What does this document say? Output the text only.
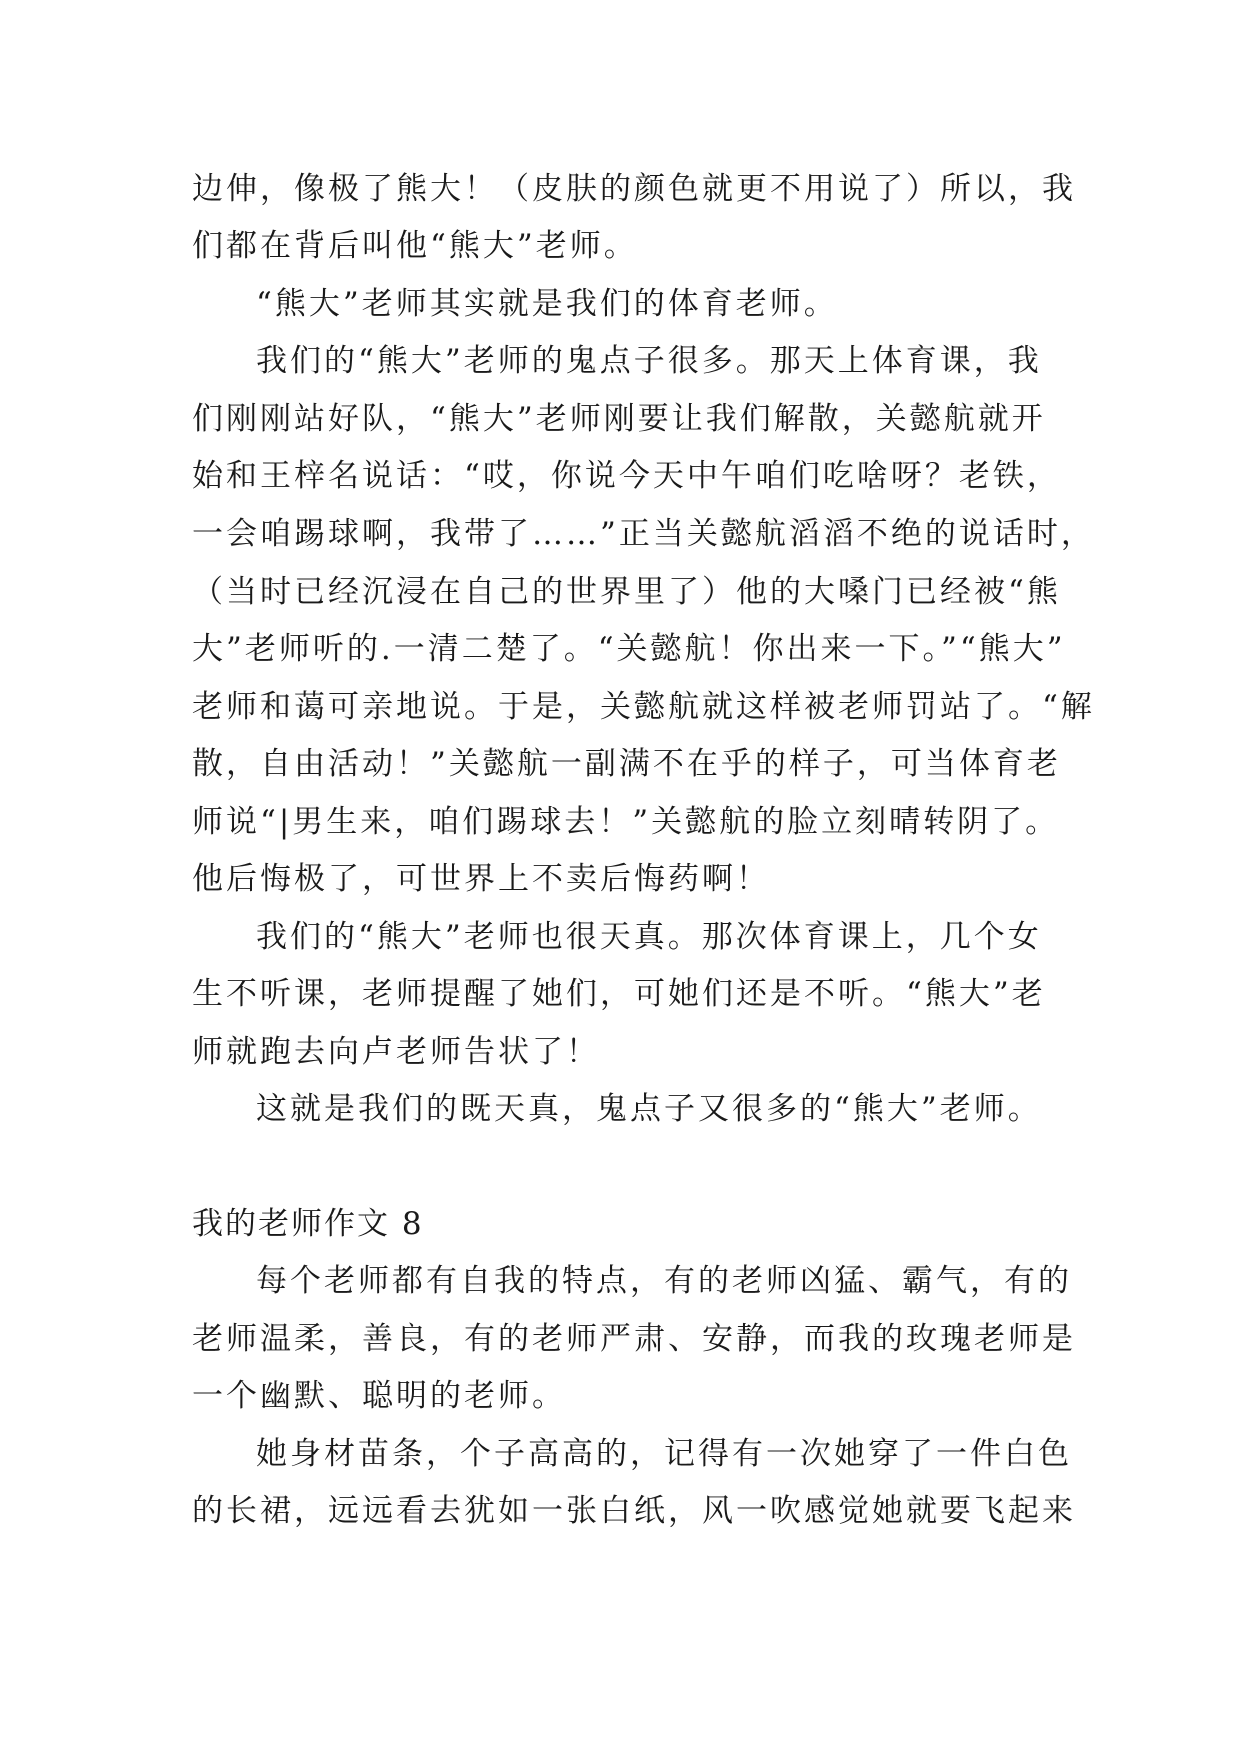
边伸，像极了熊大！（皮肤的颜色就更不用说了）所以，我
们都在背后叫他“熊大”老师。
“熊大”老师其实就是我们的体育老师。
我们的“熊大”老师的鬼点子很多。那天上体育课，我
们刚刚站好队，“熊大”老师刚要让我们解散，关懿航就开
始和王梓名说话：“哎，你说今天中午咱们吃啥呀？老铁，
一会咱踢球啊，我带了……”正当关懿航滔滔不绝的说话时，
（当时已经沉浸在自己的世界里了）他的大嗓门已经被“熊
大”老师听的.一清二楚了。“关懿航！你出来一下。”“熊大”
老师和蔼可亲地说。于是，关懿航就这样被老师罚站了。“解
散，自由活动！”关懿航一副满不在乎的样子，可当体育老
师说“|男生来，咱们踢球去！”关懿航的脸立刻晴转阴了。
他后悔极了，可世界上不卖后悔药啊！
我们的“熊大”老师也很天真。那次体育课上，几个女
生不听课，老师提醒了她们，可她们还是不听。“熊大”老
师就跑去向卢老师告状了！
这就是我们的既天真，鬼点子又很多的“熊大”老师。
我的老师作文 8
每个老师都有自我的特点，有的老师凶猛、霸气，有的
老师温柔，善良，有的老师严肃、安静，而我的玫瑰老师是
一个幽默、聪明的老师。
她身材苗条，个子高高的，记得有一次她穿了一件白色
的长裙，远远看去犹如一张白纸，风一吹感觉她就要飞起来
